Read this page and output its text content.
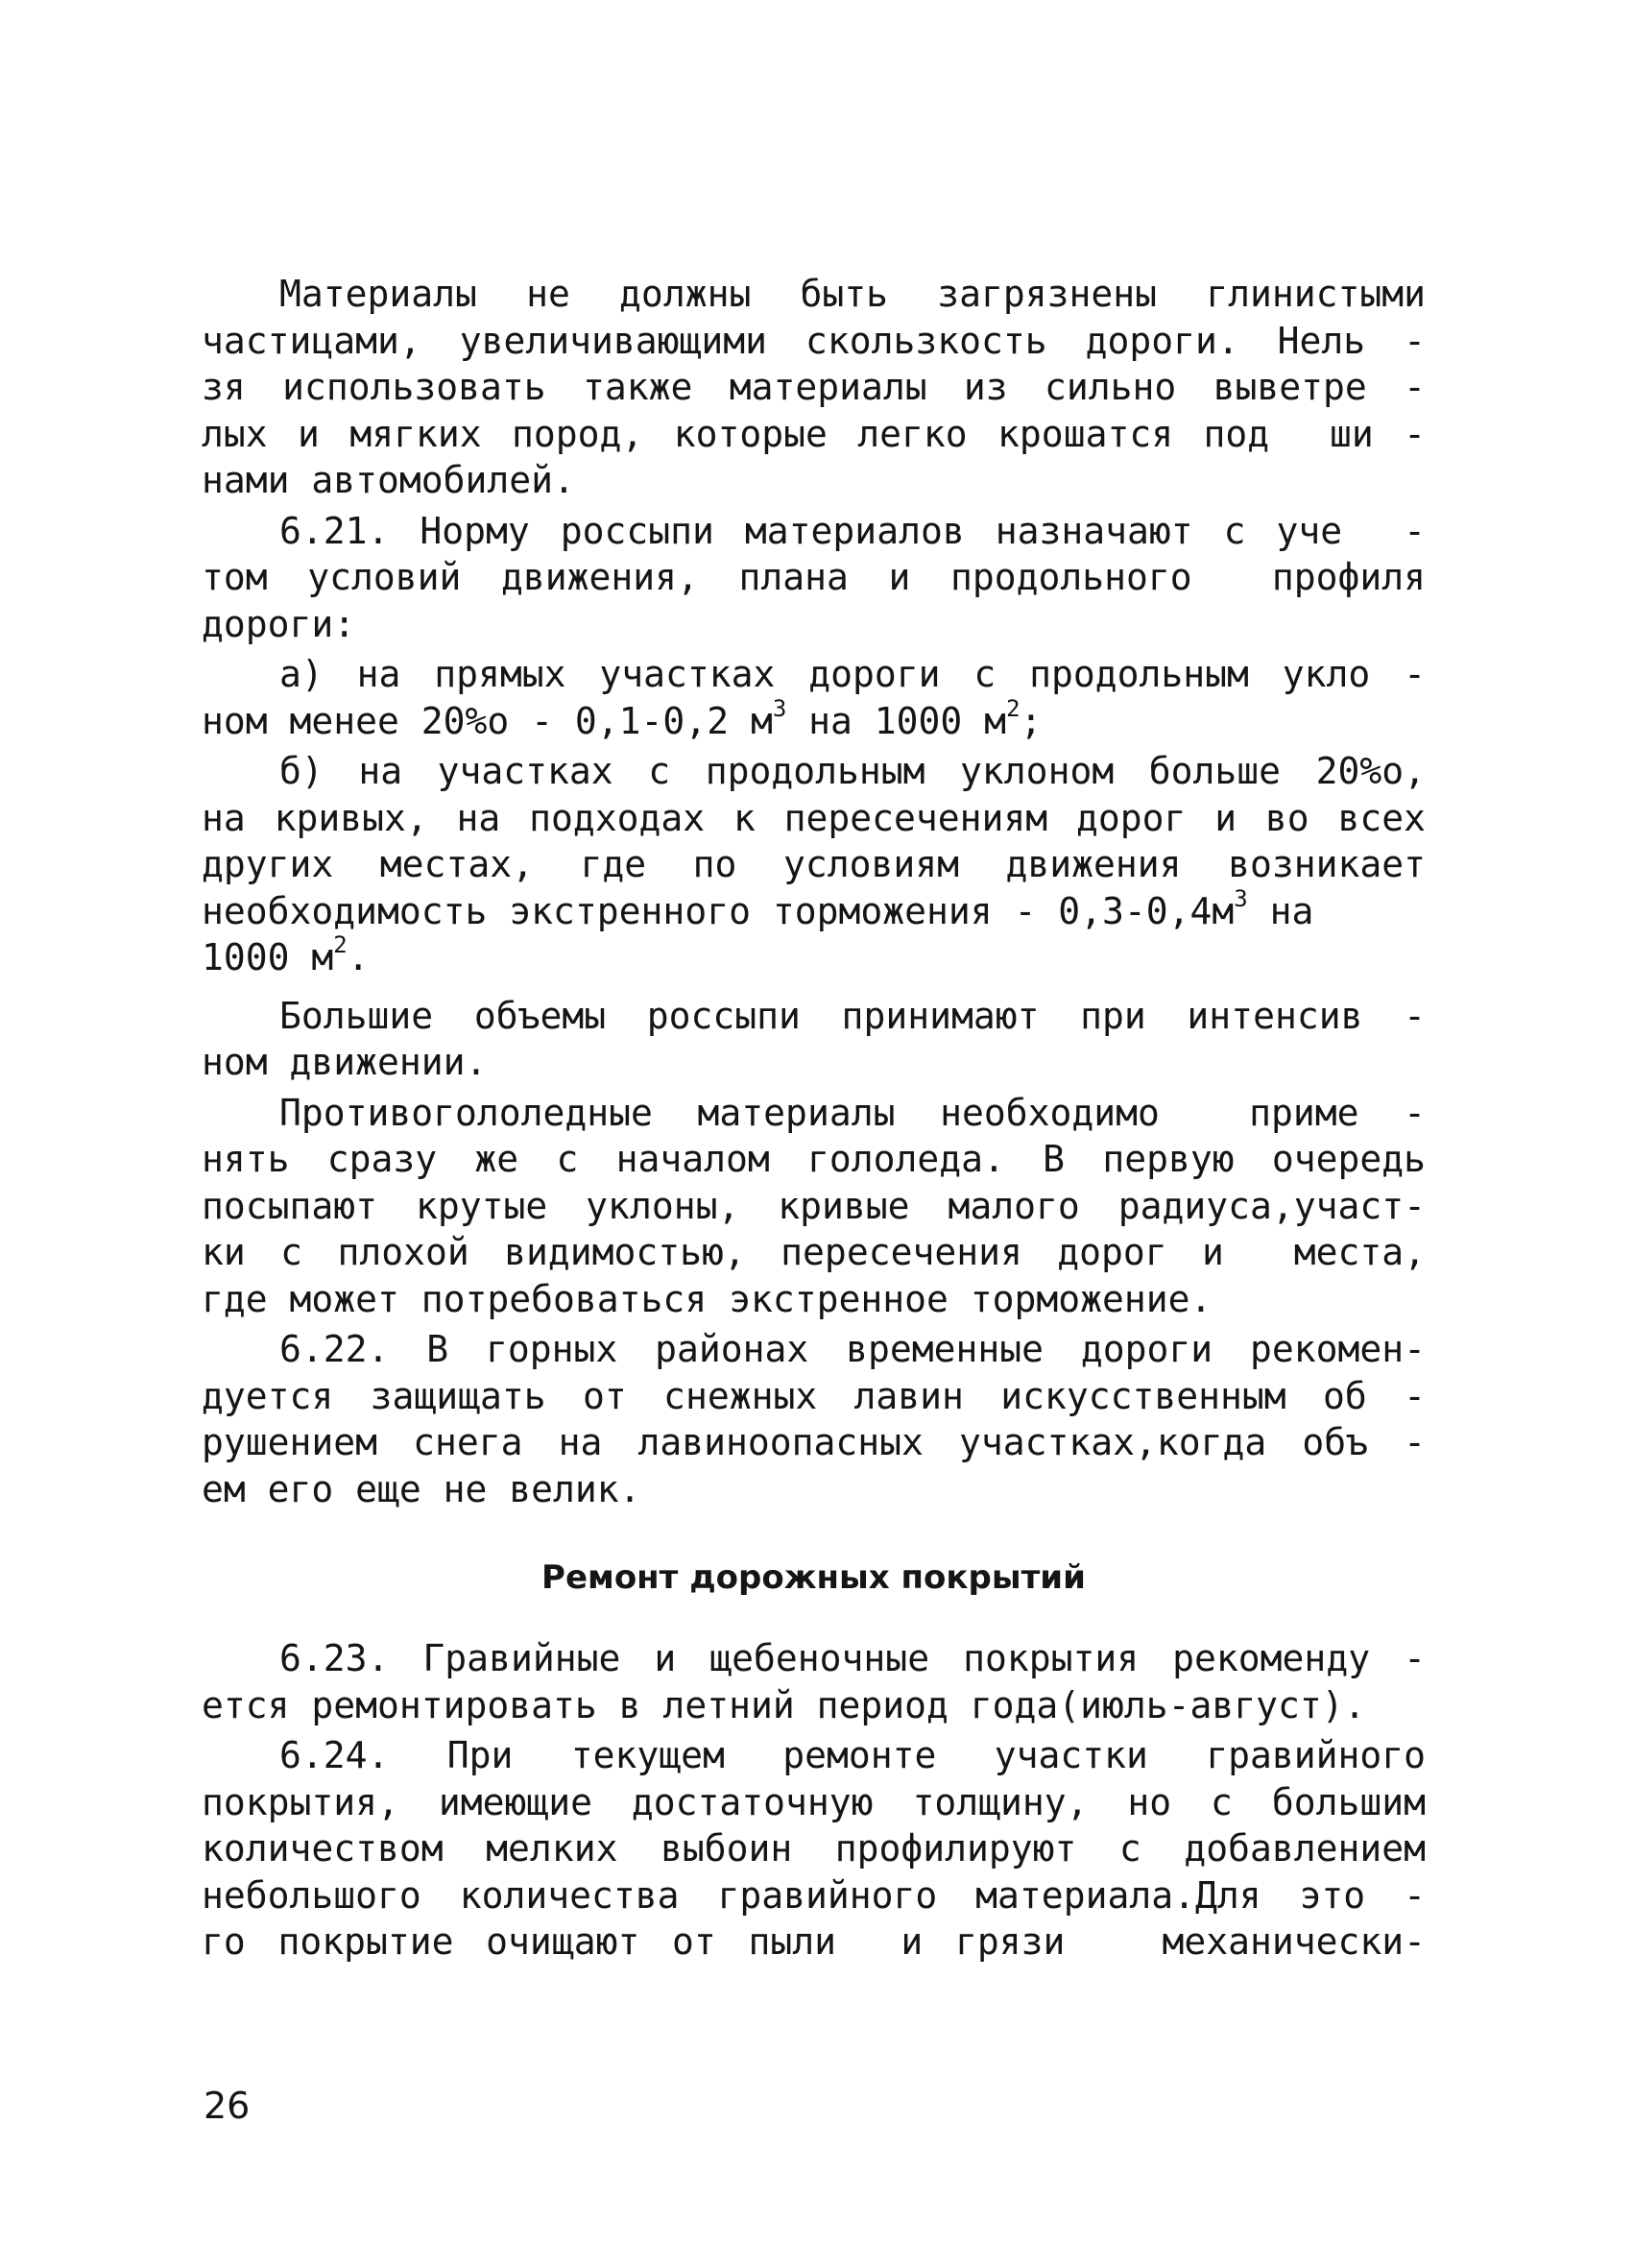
Материалы не должны быть загрязнены глинистыми
частицами, увеличивающими скользкость дороги. Нель -
зя использовать также материалы из сильно выветре -
лых и мягких пород, которые легко крошатся под  ши -
нами автомобилей.
6.21. Норму россыпи материалов назначают с уче  -
том условий движения, плана и продольного  профиля
дороги:
а) на прямых участках дороги с продольным укло -
ном менее 20%о - 0,1-0,2 $м^3$ на 1000 $м^2$;
б) на участках с продольным уклоном больше 20%о,
на кривых, на подходах к пересечениям дорог и во всех
других местах, где по условиям движения возникает
необходимость экстренного торможения - $0,3-0,4м^3$ на
1000 $м^2$.
Большие объемы россыпи принимают при интенсив -
ном движении.
Противогололедные материалы необходимо  приме -
нять сразу же с началом гололеда. В первую очередь
посыпают крутые уклоны, кривые малого радиуса,участ-
ки с плохой видимостью, пересечения дорог и  места,
где может потребоваться экстренное торможение.
6.22. В горных районах временные дороги рекомен-
дуется защищать от снежных лавин искусственным об -
рушением снега на лавиноопасных участках,когда объ -
ем его еще не велик.
Ремонт дорожных покрытий
6.23. Гравийные и щебеночные покрытия рекоменду -
ется ремонтировать в летний период года(июль-август).
6.24. При текущем ремонте участки гравийного
покрытия, имеющие достаточную толщину, но с большим
количеством мелких выбоин профилируют с добавлением
небольшого количества гравийного материала.Для это -
го покрытие очищают от пыли  и грязи   механически-
26
